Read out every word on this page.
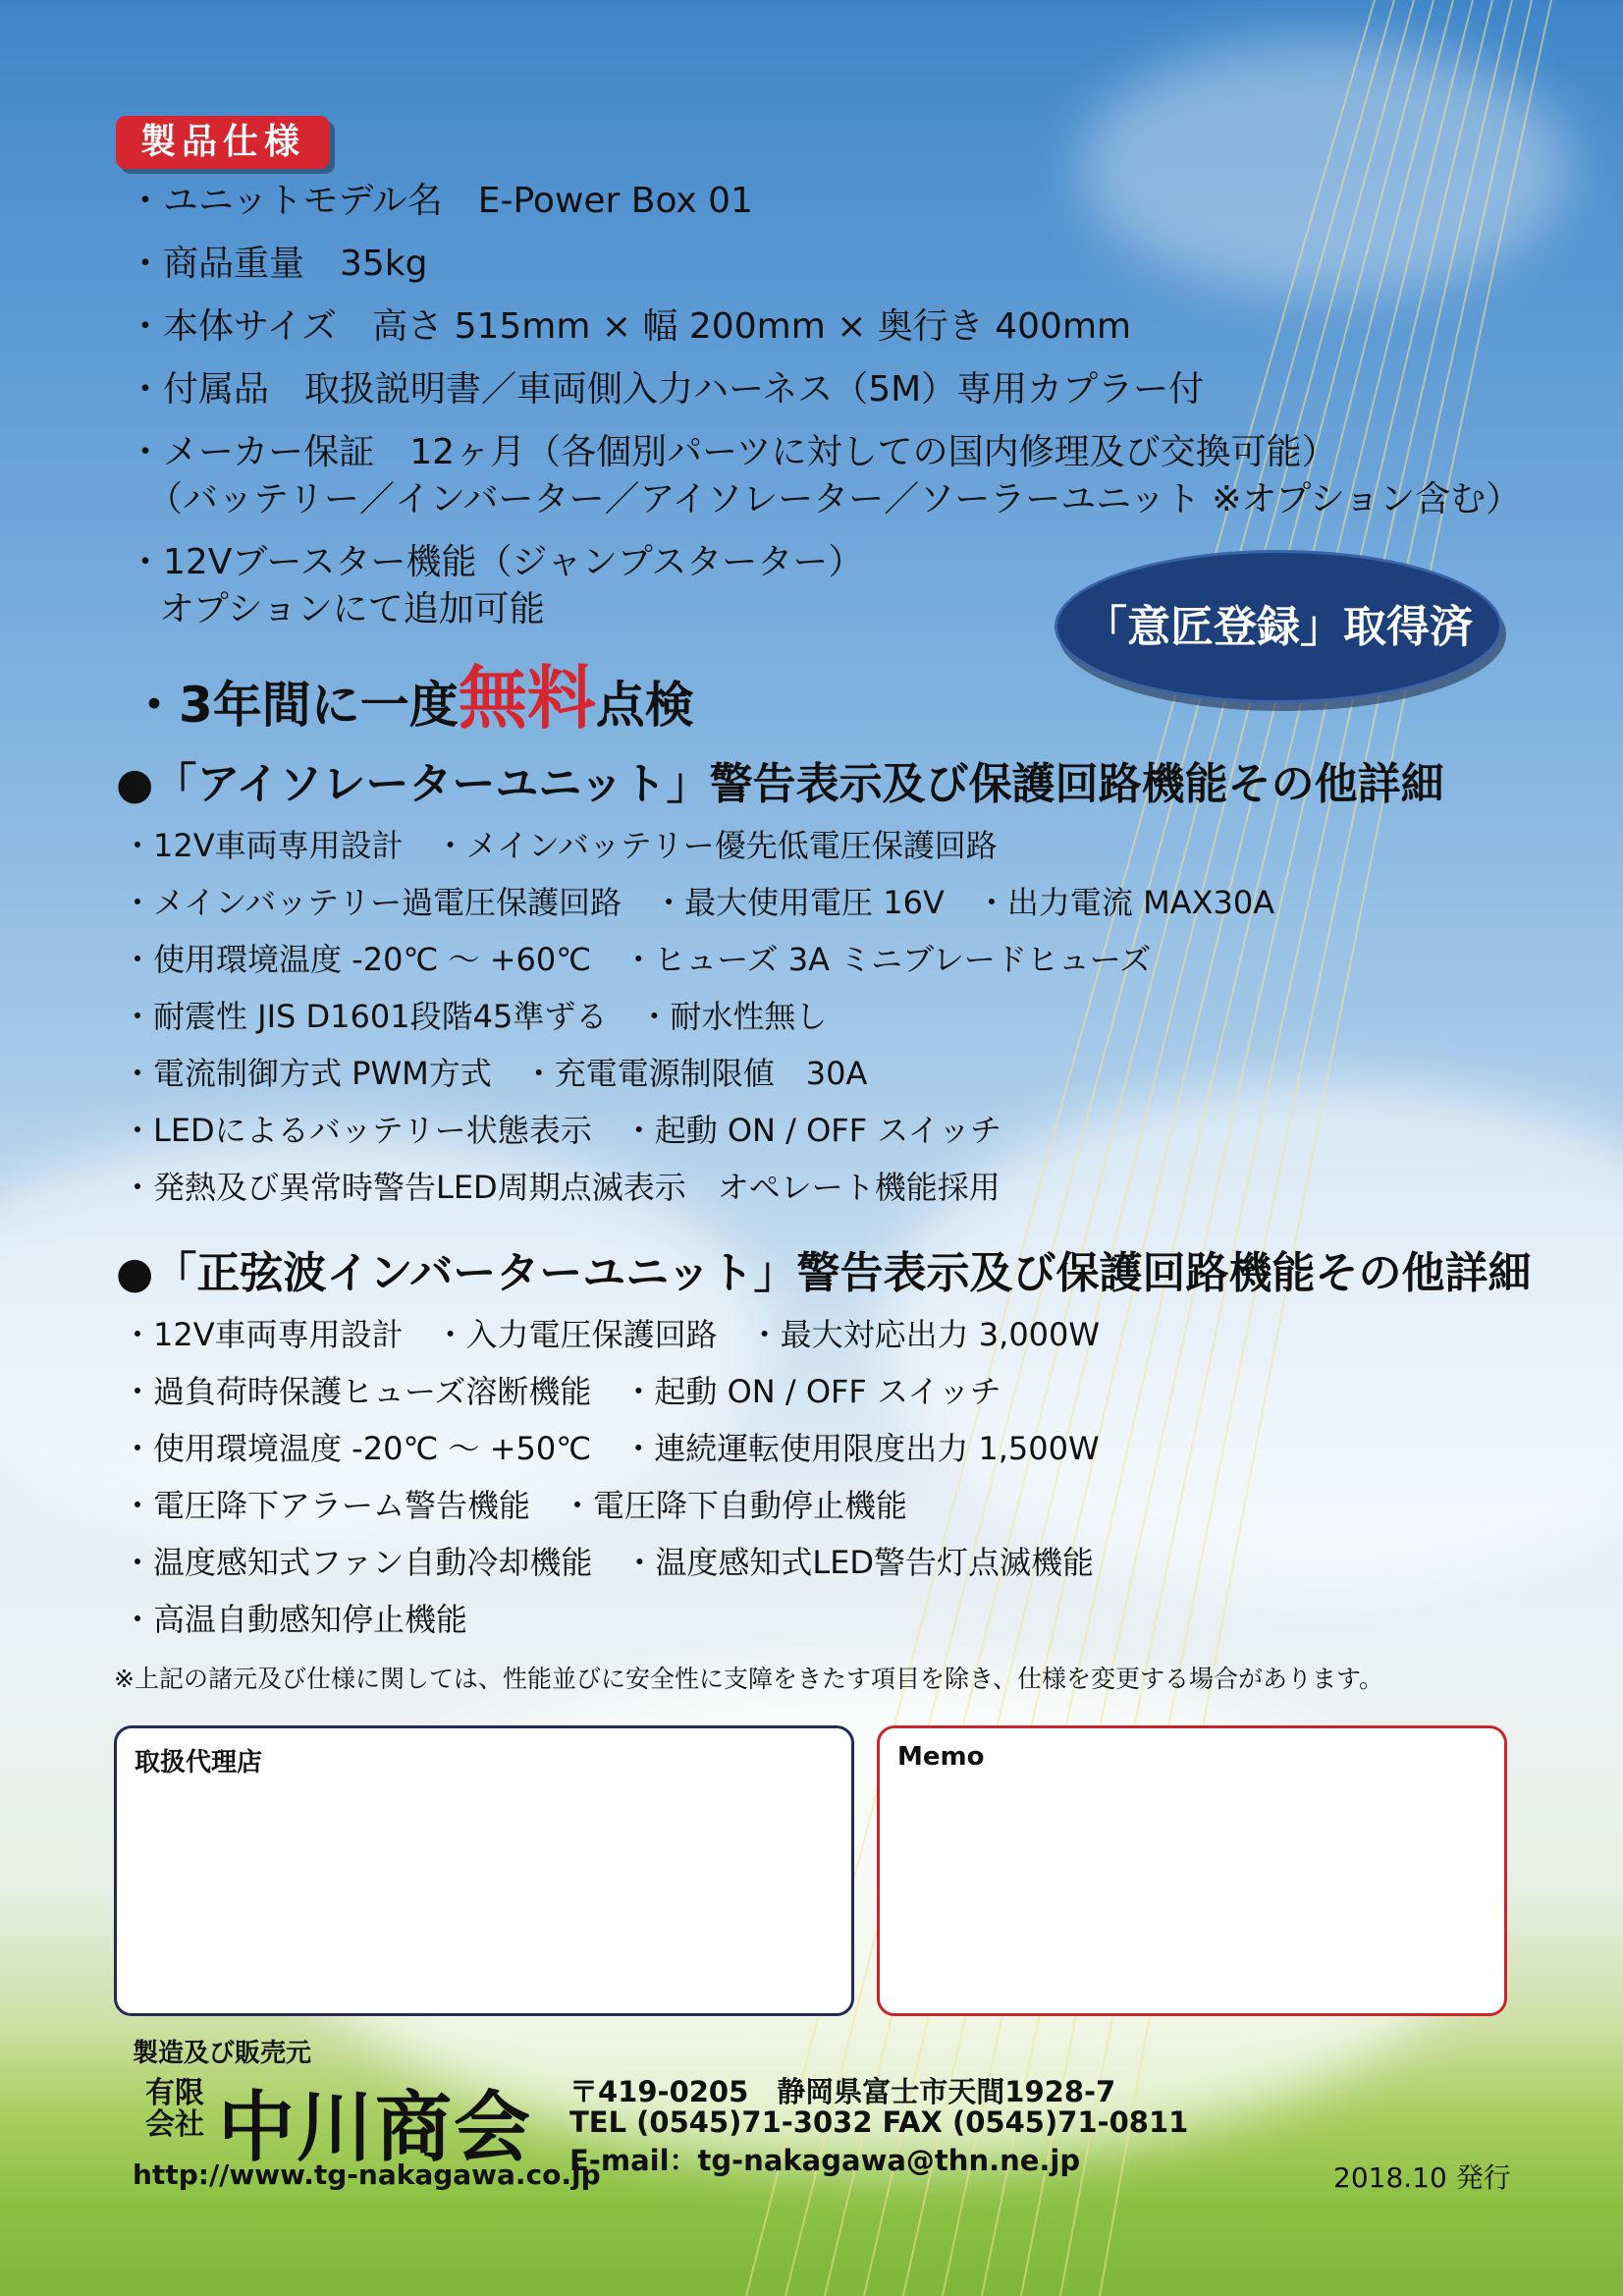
製品仕様
・ユニットモデル名　E-Power Box 01
・商品重量　35kg
・本体サイズ　高さ 515mm × 幅 200mm × 奥行き 400mm
・付属品　取扱説明書／車両側入力ハーネス（5M）専用カプラー付
・メーカー保証　12ヶ月（各個別パーツに対しての国内修理及び交換可能）
（バッテリー／インバーター／アイソレーター／ソーラーユニット ※オプション含む）
・12Vブースター機能（ジャンプスターター）
オプションにて追加可能
・3年間に一度無料点検
「意匠登録」取得済
●「アイソレーターユニット」警告表示及び保護回路機能その他詳細
・12V車両専用設計　・メインバッテリー優先低電圧保護回路
・メインバッテリー過電圧保護回路　・最大使用電圧 16V　・出力電流 MAX30A
・使用環境温度 -20℃ ～ +60℃　・ヒューズ 3A ミニブレードヒューズ
・耐震性 JIS D1601段階45準ずる　・耐水性無し
・電流制御方式 PWM方式　・充電電源制限値　30A
・LEDによるバッテリー状態表示　・起動 ON / OFF スイッチ
・発熱及び異常時警告LED周期点滅表示　オペレート機能採用
●「正弦波インバーターユニット」警告表示及び保護回路機能その他詳細
・12V車両専用設計　・入力電圧保護回路　・最大対応出力 3,000W
・過負荷時保護ヒューズ溶断機能　・起動 ON / OFF スイッチ
・使用環境温度 -20℃ ～ +50℃　・連続運転使用限度出力 1,500W
・電圧降下アラーム警告機能　・電圧降下自動停止機能
・温度感知式ファン自動冷却機能　・温度感知式LED警告灯点滅機能
・高温自動感知停止機能
※上記の諸元及び仕様に関しては、性能並びに安全性に支障をきたす項目を除き、仕様を変更する場合があります。
取扱代理店	Memo
製造及び販売元
有限会社 中川商会 〒419-0205　静岡県富士市天間1928-7
TEL (0545)71-3032 FAX (0545)71-0811
E-mail：tg-nakagawa@thn.ne.jp
http://www.tg-nakagawa.co.jp	2018.10 発行
